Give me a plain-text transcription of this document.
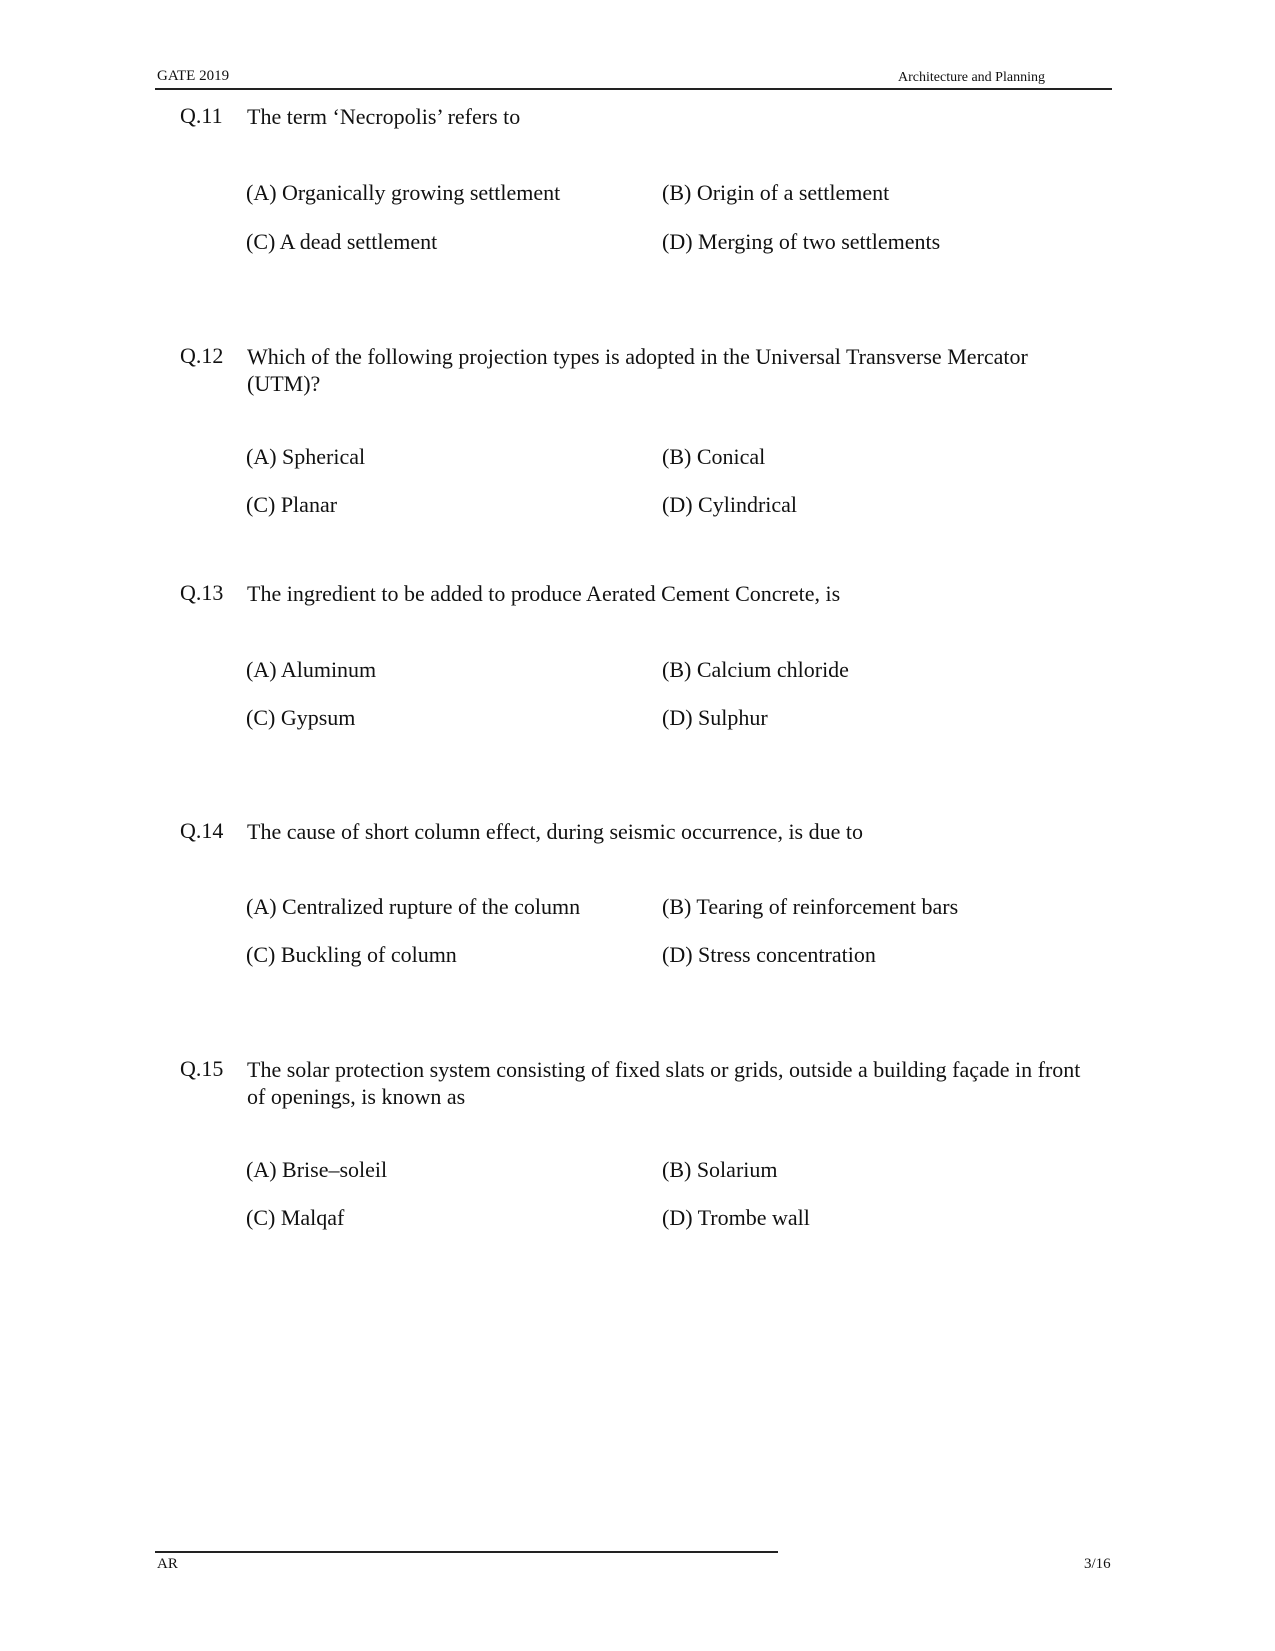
GATE 2019	Architecture and Planning
Q.11 The term ‘Necropolis’ refers to
(A) Organically growing settlement	(B) Origin of a settlement
(C) A dead settlement	(D) Merging of two settlements
Q.12 Which of the following projection types is adopted in the Universal Transverse Mercator (UTM)?
(A) Spherical	(B) Conical
(C) Planar	(D) Cylindrical
Q.13 The ingredient to be added to produce Aerated Cement Concrete, is
(A) Aluminum	(B) Calcium chloride
(C) Gypsum	(D) Sulphur
Q.14 The cause of short column effect, during seismic occurrence, is due to
(A) Centralized rupture of the column	(B) Tearing of reinforcement bars
(C) Buckling of column	(D) Stress concentration
Q.15 The solar protection system consisting of fixed slats or grids, outside a building façade in front of openings, is known as
(A) Brise–soleil	(B) Solarium
(C) Malqaf	(D) Trombe wall
AR	3/16
